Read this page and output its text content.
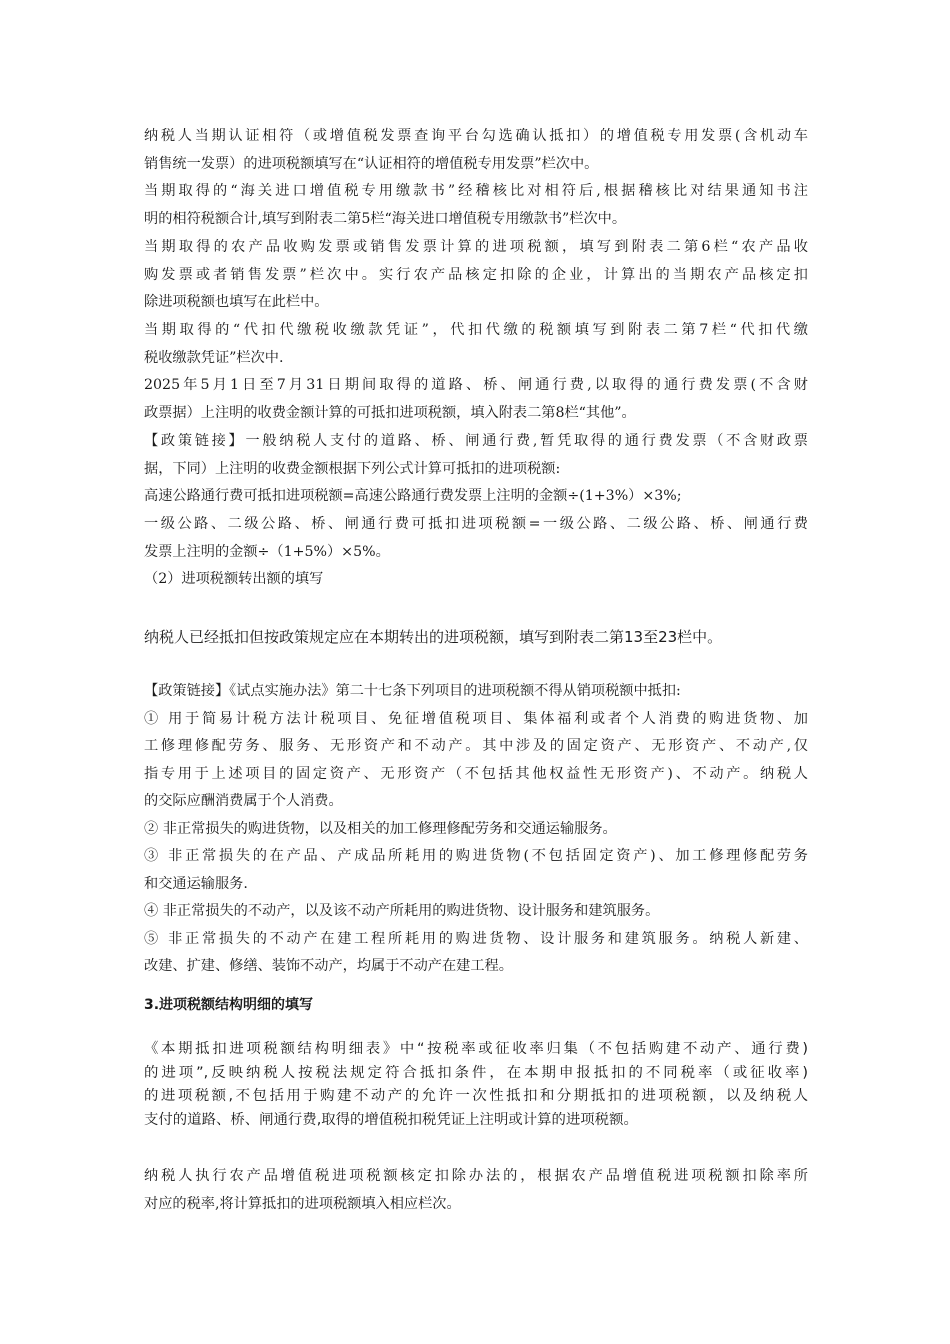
纳税人当期认证相符（或增值税发票查询平台勾选确认抵扣）的增值税专用发票(含机动车
销售统一发票）的进项税额填写在“认证相符的增值税专用发票”栏次中。
当期取得的“海关进口增值税专用缴款书”经稽核比对相符后,根据稽核比对结果通知书注
明的相符税额合计,填写到附表二第5栏“海关进口增值税专用缴款书”栏次中。
当期取得的农产品收购发票或销售发票计算的进项税额，填写到附表二第6栏“农产品收
购发票或者销售发票”栏次中。实行农产品核定扣除的企业，计算出的当期农产品核定扣
除进项税额也填写在此栏中。
当期取得的“代扣代缴税收缴款凭证”，代扣代缴的税额填写到附表二第7栏“代扣代缴
税收缴款凭证”栏次中.
2025年5月1日至7月31日期间取得的道路、桥、闸通行费,以取得的通行费发票(不含财
政票据）上注明的收费金额计算的可抵扣进项税额，填入附表二第8栏“其他”。
【政策链接】一般纳税人支付的道路、桥、闸通行费,暂凭取得的通行费发票（不含财政票
据，下同）上注明的收费金额根据下列公式计算可抵扣的进项税额:
高速公路通行费可抵扣进项税额=高速公路通行费发票上注明的金额÷(1+3%）×3%;
一级公路、二级公路、桥、闸通行费可抵扣进项税额=一级公路、二级公路、桥、闸通行费
发票上注明的金额÷（1+5%）×5%。
（2）进项税额转出额的填写
纳税人已经抵扣但按政策规定应在本期转出的进项税额，填写到附表二第13至23栏中。
【政策链接】《试点实施办法》第二十七条下列项目的进项税额不得从销项税额中抵扣:
① 用于简易计税方法计税项目、免征增值税项目、集体福利或者个人消费的购进货物、加
工修理修配劳务、服务、无形资产和不动产。其中涉及的固定资产、无形资产、不动产,仅
指专用于上述项目的固定资产、无形资产（不包括其他权益性无形资产)、不动产。纳税人
的交际应酬消费属于个人消费。
② 非正常损失的购进货物，以及相关的加工修理修配劳务和交通运输服务。
③ 非正常损失的在产品、产成品所耗用的购进货物(不包括固定资产)、加工修理修配劳务
和交通运输服务.
④ 非正常损失的不动产，以及该不动产所耗用的购进货物、设计服务和建筑服务。
⑤ 非正常损失的不动产在建工程所耗用的购进货物、设计服务和建筑服务。纳税人新建、
改建、扩建、修缮、装饰不动产，均属于不动产在建工程。
3.进项税额结构明细的填写
《本期抵扣进项税额结构明细表》中“按税率或征收率归集（不包括购建不动产、通行费)
的进项”,反映纳税人按税法规定符合抵扣条件，在本期申报抵扣的不同税率（或征收率)
的进项税额,不包括用于购建不动产的允许一次性抵扣和分期抵扣的进项税额，以及纳税人
支付的道路、桥、闸通行费,取得的增值税扣税凭证上注明或计算的进项税额。
纳税人执行农产品增值税进项税额核定扣除办法的，根据农产品增值税进项税额扣除率所
对应的税率,将计算抵扣的进项税额填入相应栏次。
